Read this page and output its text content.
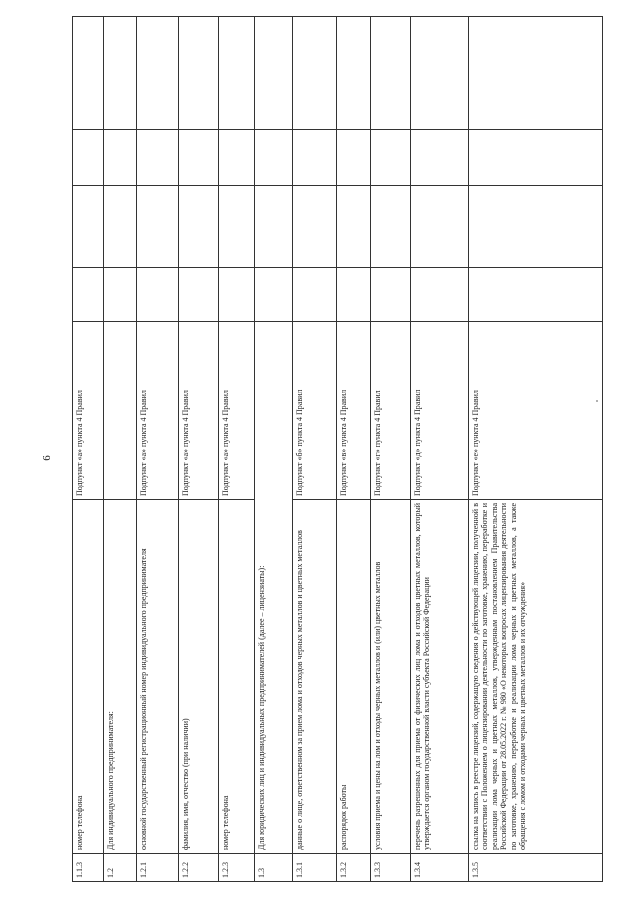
6
1.1.3	номер телефона	Подпункт «а» пункта 4 Правил				
1.2	Для индивидуального предпринимателя:					
1.2.1	основной государственный регистрационный номер индивидуального предпринимателя	Подпункт «а» пункта 4 Правил				
1.2.2	фамилия, имя, отчество (при наличии)	Подпункт «а» пункта 4 Правил				
1.2.3	номер телефона	Подпункт «а» пункта 4 Правил				
1.3	Для юридических лиц и индивидуальных предпринимателей (далее – лицензиаты):					
1.3.1	данные о лице, ответственном за прием лома и отходов черных металлов и цветных металлов	Подпункт «б» пункта 4 Правил				
1.3.2	распорядок работы	Подпункт «в» пункта 4 Правил				
1.3.3	условия приема и цены на лом и отходы черных металлов и (или) цветных металлов	Подпункт «г» пункта 4 Правил				
1.3.4	перечень разрешенных для приема от физических лиц лома и отходов цветных металлов, который утверждается органом государственной власти субъекта Российской Федерации	Подпункт «д» пункта 4 Правил				
1.3.5	ссылка на запись в реестре лицензий, содержащую сведения о действующей лицензии, полученной в соответствии с Положением о лицензировании деятельности по заготовке, хранению, переработке и реализации лома черных и цветных металлов, утвержденным постановлением Правительства Российской Федерации от 28.05.2022 г. № 980 «О некоторых вопросах лицензирования деятельности по заготовке, хранению, переработке и реализации лома черных и цветных металлов, а также обращения с ломом и отходами черных и цветных металлов и их отчуждения»	Подпункт «е» пункта 4 Правил				
